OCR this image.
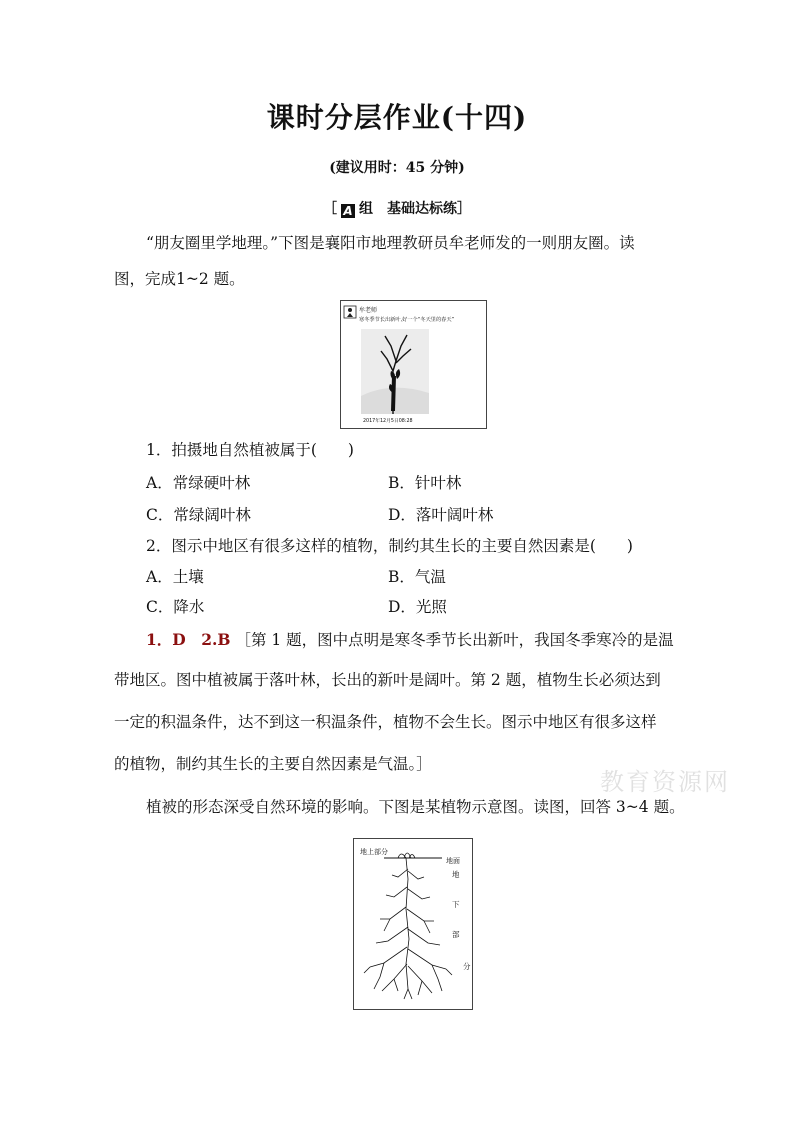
课时分层作业(十四)
(建议用时：45 分钟)
［ A 组　基础达标练］
“朋友圈里学地理。”下图是襄阳市地理教研员牟老师发的一则朋友圈。读
图，完成1~2 题。
牟老师
寒冬季节长出新叶,好一个“冬天里的春天”
2017年12月5日08:28
1．拍摄地自然植被属于(　　)
A．常绿硬叶林	B．针叶林
C．常绿阔叶林	D．落叶阔叶林
2．图示中地区有很多这样的植物，制约其生长的主要自然因素是(　　)
A．土壤	B．气温
C．降水	D．光照
1．D　2.B ［第 1 题，图中点明是寒冬季节长出新叶，我国冬季寒冷的是温
带地区。图中植被属于落叶林，长出的新叶是阔叶。第 2 题，植物生长必须达到
一定的积温条件，达不到这一积温条件，植物不会生长。图示中地区有很多这样
的植物，制约其生长的主要自然因素是气温。］
教育资源网
植被的形态深受自然环境的影响。下图是某植物示意图。读图，回答 3~4 题。
地上部分
地面
地
下
部
分
